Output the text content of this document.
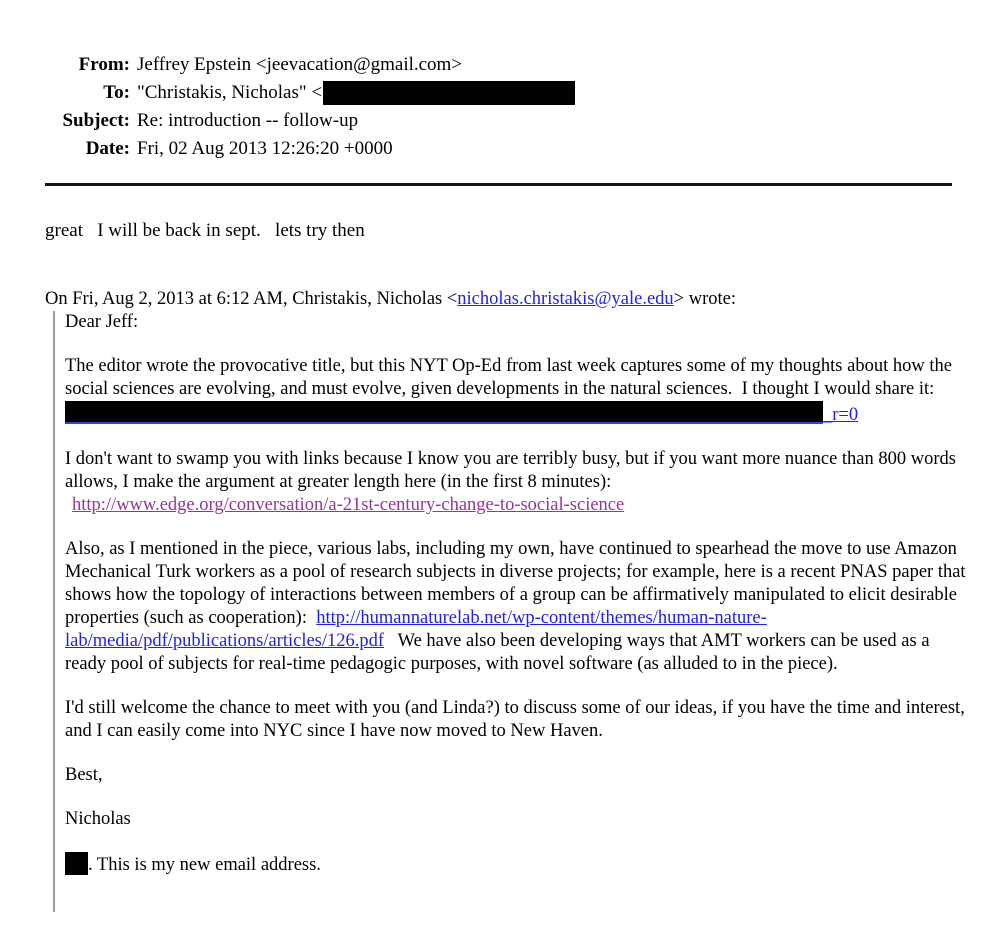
From: Jeffrey Epstein <jeevacation@gmail.com>
To: "Christakis, Nicholas" <
Subject: Re: introduction -- follow-up
Date: Fri, 02 Aug 2013 12:26:20 +0000
great   I will be back in sept.   lets try then
On Fri, Aug 2, 2013 at 6:12 AM, Christakis, Nicholas <nicholas.christakis@yale.edu> wrote:

Dear Jeff:

The editor wrote the provocative title, but this NYT Op-Ed from last week captures some of my thoughts about how the social sciences are evolving, and must evolve, given developments in the natural sciences.  I thought I would share it: _r=0

I don't want to swamp you with links because I know you are terribly busy, but if you want more nuance than 800 words allows, I make the argument at greater length here (in the first 8 minutes):
http://www.edge.org/conversation/a-21st-century-change-to-social-science

Also, as I mentioned in the piece, various labs, including my own, have continued to spearhead the move to use Amazon Mechanical Turk workers as a pool of research subjects in diverse projects; for example, here is a recent PNAS paper that shows how the topology of interactions between members of a group can be affirmatively manipulated to elicit desirable properties (such as cooperation):  http://humannaturelab.net/wp-content/themes/human-nature-lab/media/pdf/publications/articles/126.pdf   We have also been developing ways that AMT workers can be used as a ready pool of subjects for real-time pedagogic purposes, with novel software (as alluded to in the piece).

I'd still welcome the chance to meet with you (and Linda?) to discuss some of our ideas, if you have the time and interest, and I can easily come into NYC since I have now moved to New Haven.

Best,

Nicholas

. This is my new email address.
